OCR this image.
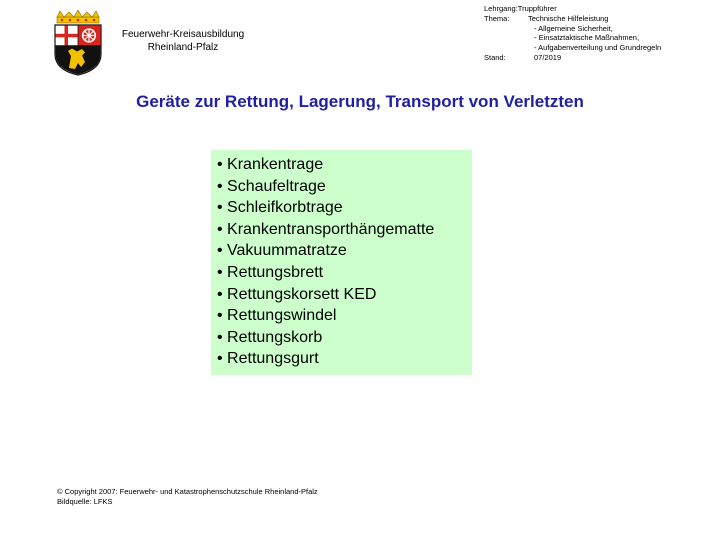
Feuerwehr-Kreisausbildung
Rheinland-Pfalz
Lehrgang: Truppführer
Thema:	Technische Hilfeleistung
- Allgemeine Sicherheit,
- Einsatztaktische Maßnahmen,
- Aufgabenverteilung und Grundregeln
Stand:	07/2019
Geräte zur Rettung, Lagerung, Transport von Verletzten
• Krankentrage
• Schaufeltrage
• Schleifkorbtrage
• Krankentransporthängematte
• Vakuummatratze
• Rettungsbrett
• Rettungskorsett KED
• Rettungswindel
• Rettungskorb
• Rettungsgurt
© Copyright 2007: Feuerwehr- und Katastrophenschutzschule Rheinland-Pfalz
Bildquelle: LFKS
